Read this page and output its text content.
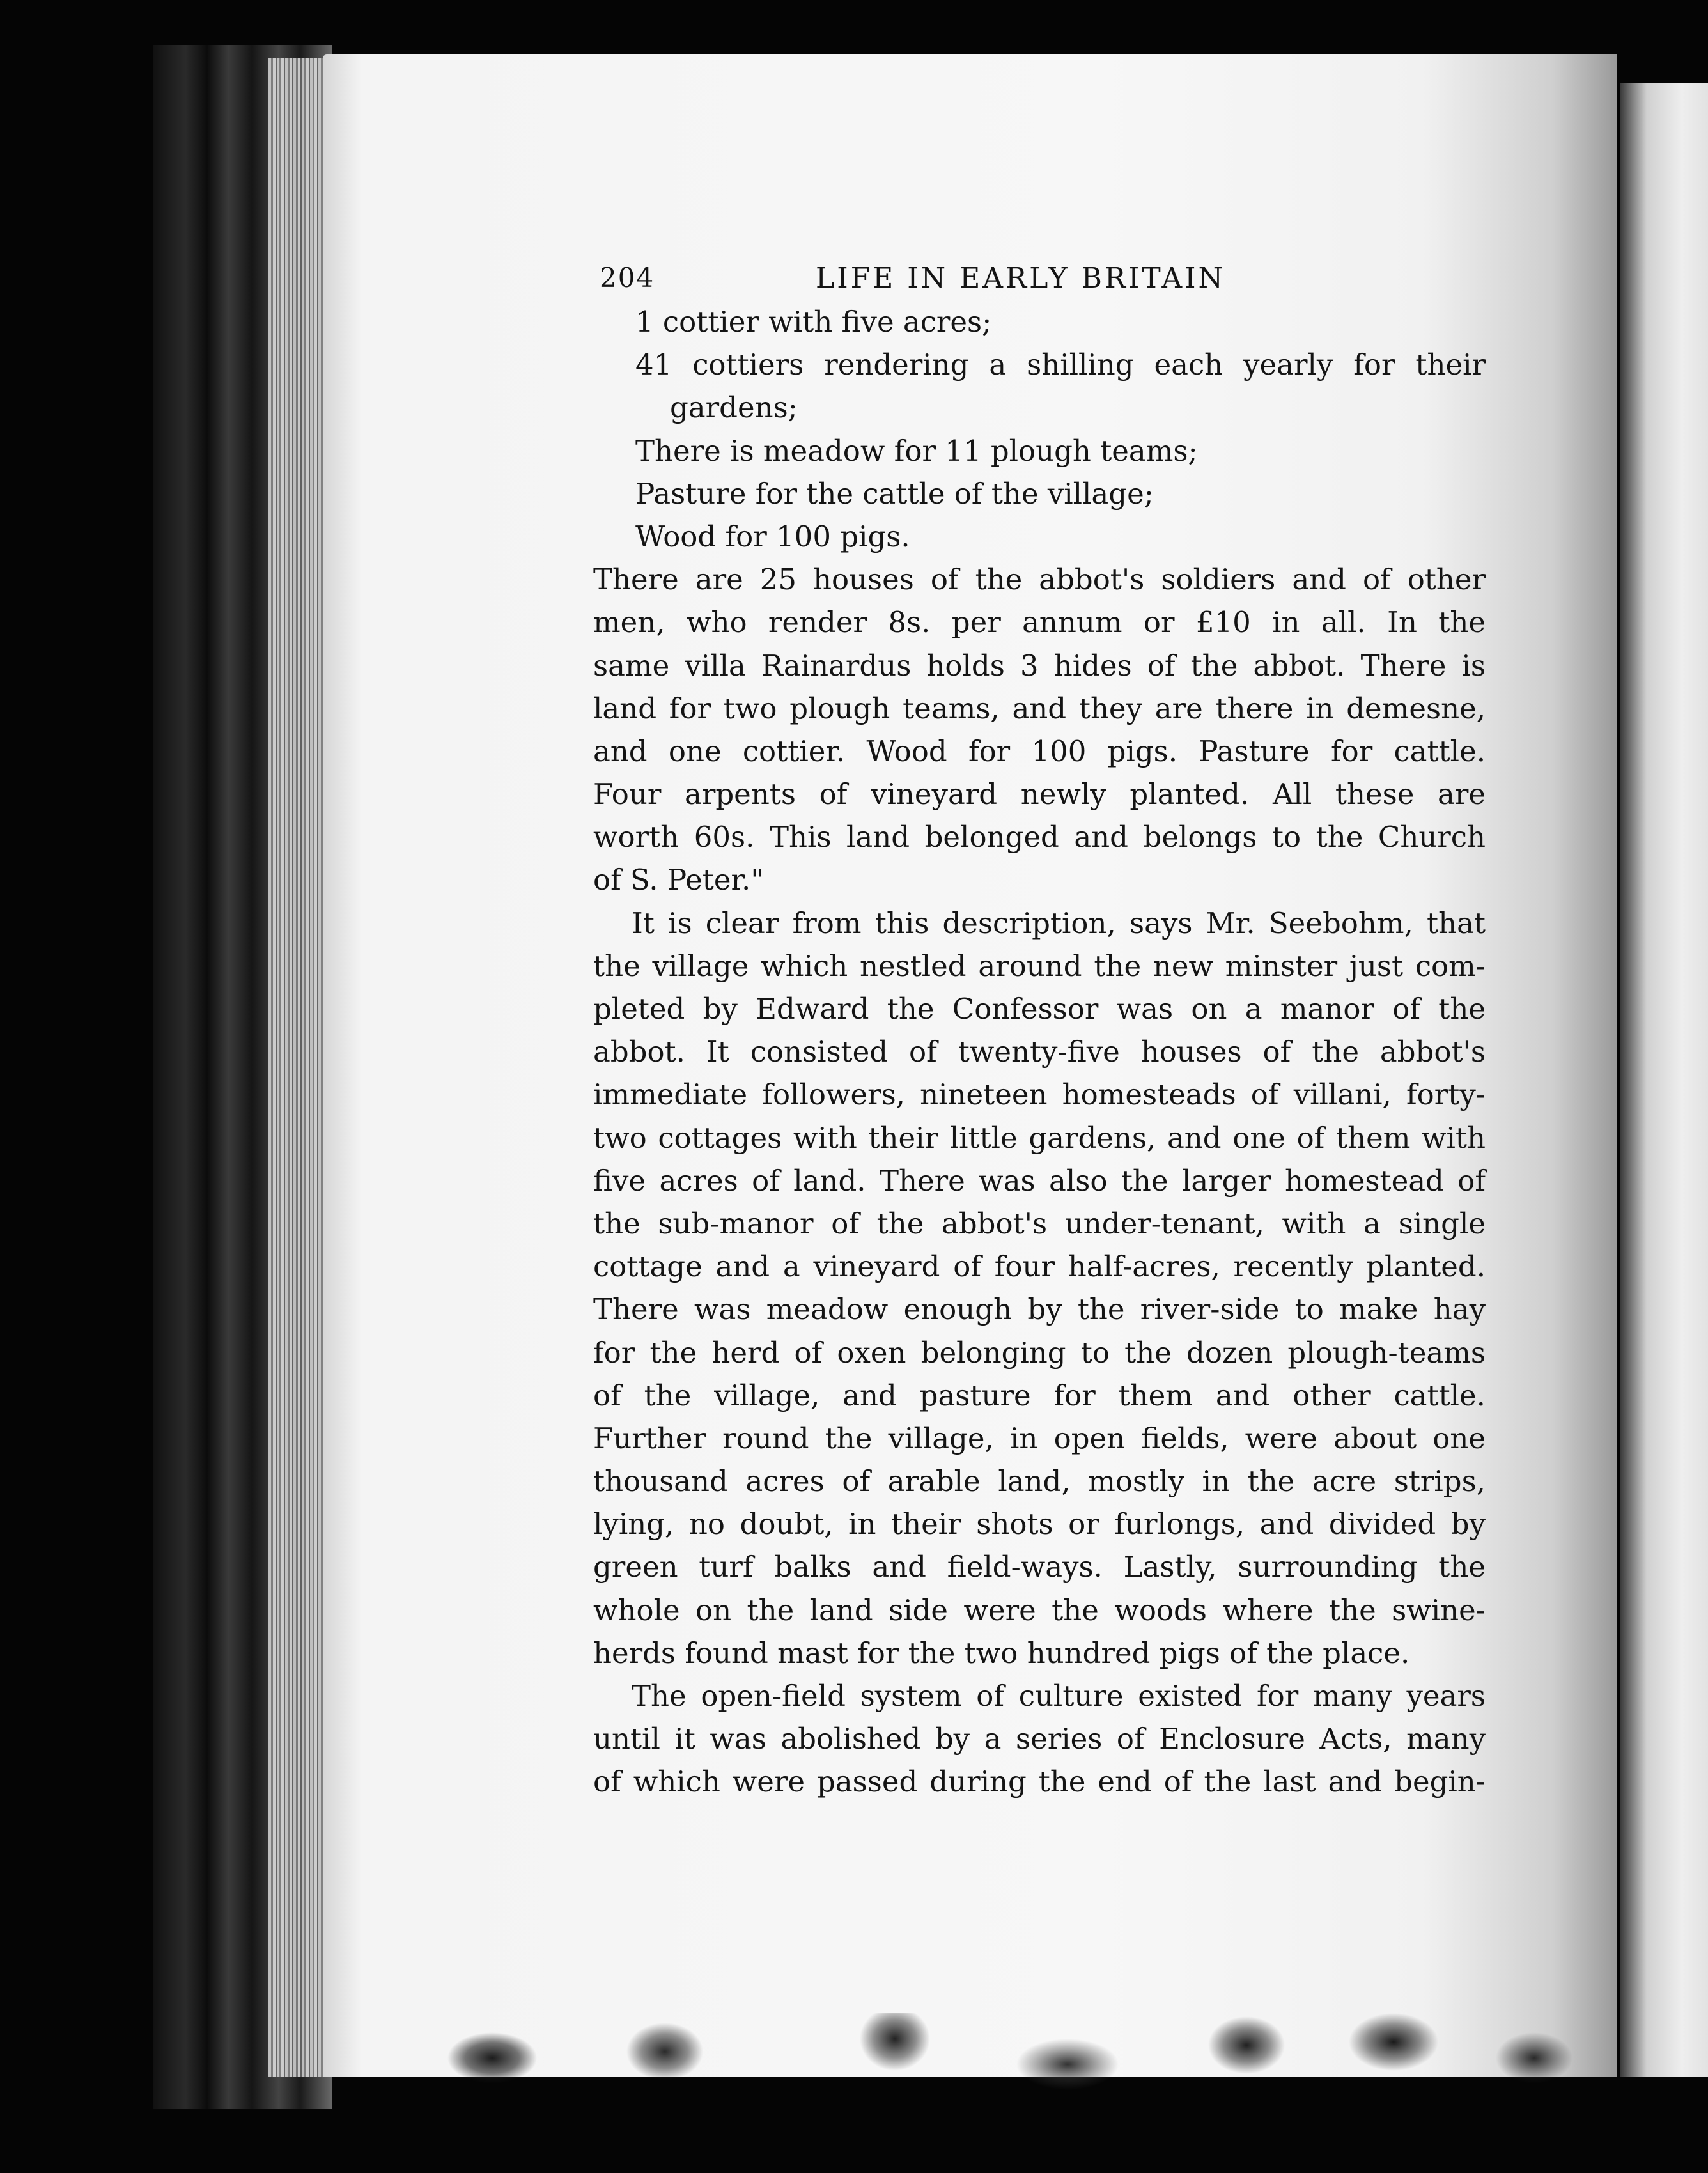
204	LIFE IN EARLY BRITAIN
1 cottier with five acres;
41 cottiers rendering a shilling each yearly for their
gardens;
There is meadow for 11 plough teams;
Pasture for the cattle of the village;
Wood for 100 pigs.
There are 25 houses of the abbot's soldiers and of other
men, who render 8s. per annum or £10 in all. In the
same villa Rainardus holds 3 hides of the abbot. There is
land for two plough teams, and they are there in demesne,
and one cottier. Wood for 100 pigs. Pasture for cattle.
Four arpents of vineyard newly planted. All these are
worth 60s. This land belonged and belongs to the Church
of S. Peter."
It is clear from this description, says Mr. Seebohm, that
the village which nestled around the new minster just com-
pleted by Edward the Confessor was on a manor of the
abbot. It consisted of twenty-five houses of the abbot's
immediate followers, nineteen homesteads of villani, forty-
two cottages with their little gardens, and one of them with
five acres of land. There was also the larger homestead of
the sub-manor of the abbot's under-tenant, with a single
cottage and a vineyard of four half-acres, recently planted.
There was meadow enough by the river-side to make hay
for the herd of oxen belonging to the dozen plough-teams
of the village, and pasture for them and other cattle.
Further round the village, in open fields, were about one
thousand acres of arable land, mostly in the acre strips,
lying, no doubt, in their shots or furlongs, and divided by
green turf balks and field-ways. Lastly, surrounding the
whole on the land side were the woods where the swine-
herds found mast for the two hundred pigs of the place.
The open-field system of culture existed for many years
until it was abolished by a series of Enclosure Acts, many
of which were passed during the end of the last and begin-
